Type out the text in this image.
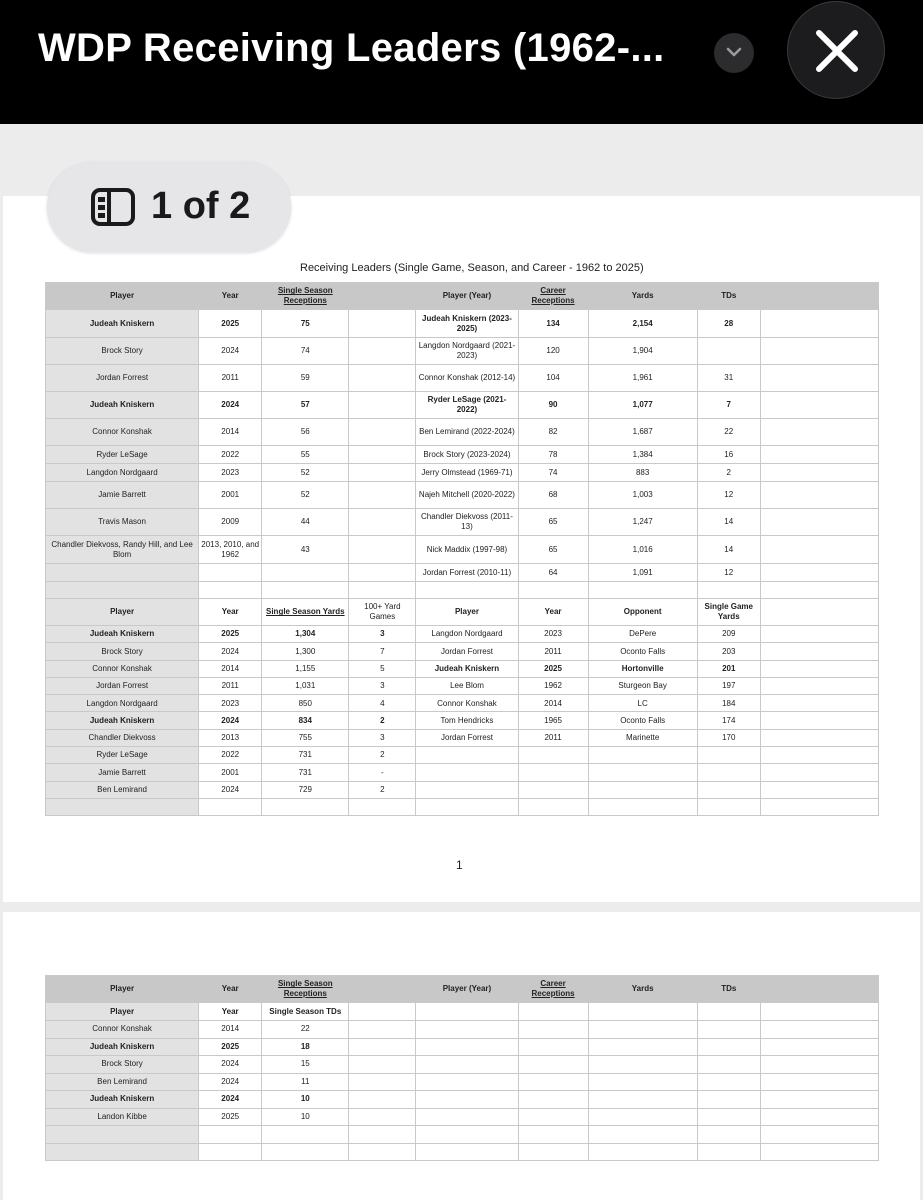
WDP Receiving Leaders (1962-...
Receiving Leaders (Single Game, Season, and Career - 1962 to 2025)
Player	Year	Single Season Receptions		Player (Year)	Career Receptions	Yards	TDs	
Judeah Kniskern	2025	75		Judeah Kniskern (2023-2025)	134	2,154	28	
Brock Story	2024	74		Langdon Nordgaard (2021-2023)	120	1,904		
Jordan Forrest	2011	59		Connor Konshak (2012-14)	104	1,961	31	
Judeah Kniskern	2024	57		Ryder LeSage (2021-2022)	90	1,077	7	
Connor Konshak	2014	56		Ben Lemirand (2022-2024)	82	1,687	22	
Ryder LeSage	2022	55		Brock Story (2023-2024)	78	1,384	16	
Langdon Nordgaard	2023	52		Jerry Olmstead (1969-71)	74	883	2	
Jamie Barrett	2001	52		Najeh Mitchell (2020-2022)	68	1,003	12	
Travis Mason	2009	44		Chandler Diekvoss (2011-13)	65	1,247	14	
Chandler Diekvoss, Randy Hill, and Lee Blom	2013, 2010, and 1962	43		Nick Maddix (1997-98)	65	1,016	14	
				Jordan Forrest (2010-11)	64	1,091	12	

Player	Year	Single Season Yards	100+ Yard Games	Player	Year	Opponent	Single Game Yards	
Judeah Kniskern	2025	1,304	3	Langdon Nordgaard	2023	DePere	209	
Brock Story	2024	1,300	7	Jordan Forrest	2011	Oconto Falls	203	
Connor Konshak	2014	1,155	5	Judeah Kniskern	2025	Hortonville	201	
Jordan Forrest	2011	1,031	3	Lee Blom	1962	Sturgeon Bay	197	
Langdon Nordgaard	2023	850	4	Connor Konshak	2014	LC	184	
Judeah Kniskern	2024	834	2	Tom Hendricks	1965	Oconto Falls	174	
Chandler Diekvoss	2013	755	3	Jordan Forrest	2011	Marinette	170	
Ryder LeSage	2022	731	2					
Jamie Barrett	2001	731	-					
Ben Lemirand	2024	729	2					

Player	Year	Single Season Receptions		Player (Year)	Career Receptions	Yards	TDs	
Player	Year	Single Season TDs						
Connor Konshak	2014	22						
Judeah Kniskern	2025	18						
Brock Story	2024	15						
Ben Lemirand	2024	11						
Judeah Kniskern	2024	10						
Landon Kibbe	2025	10						

1
1 of 2
